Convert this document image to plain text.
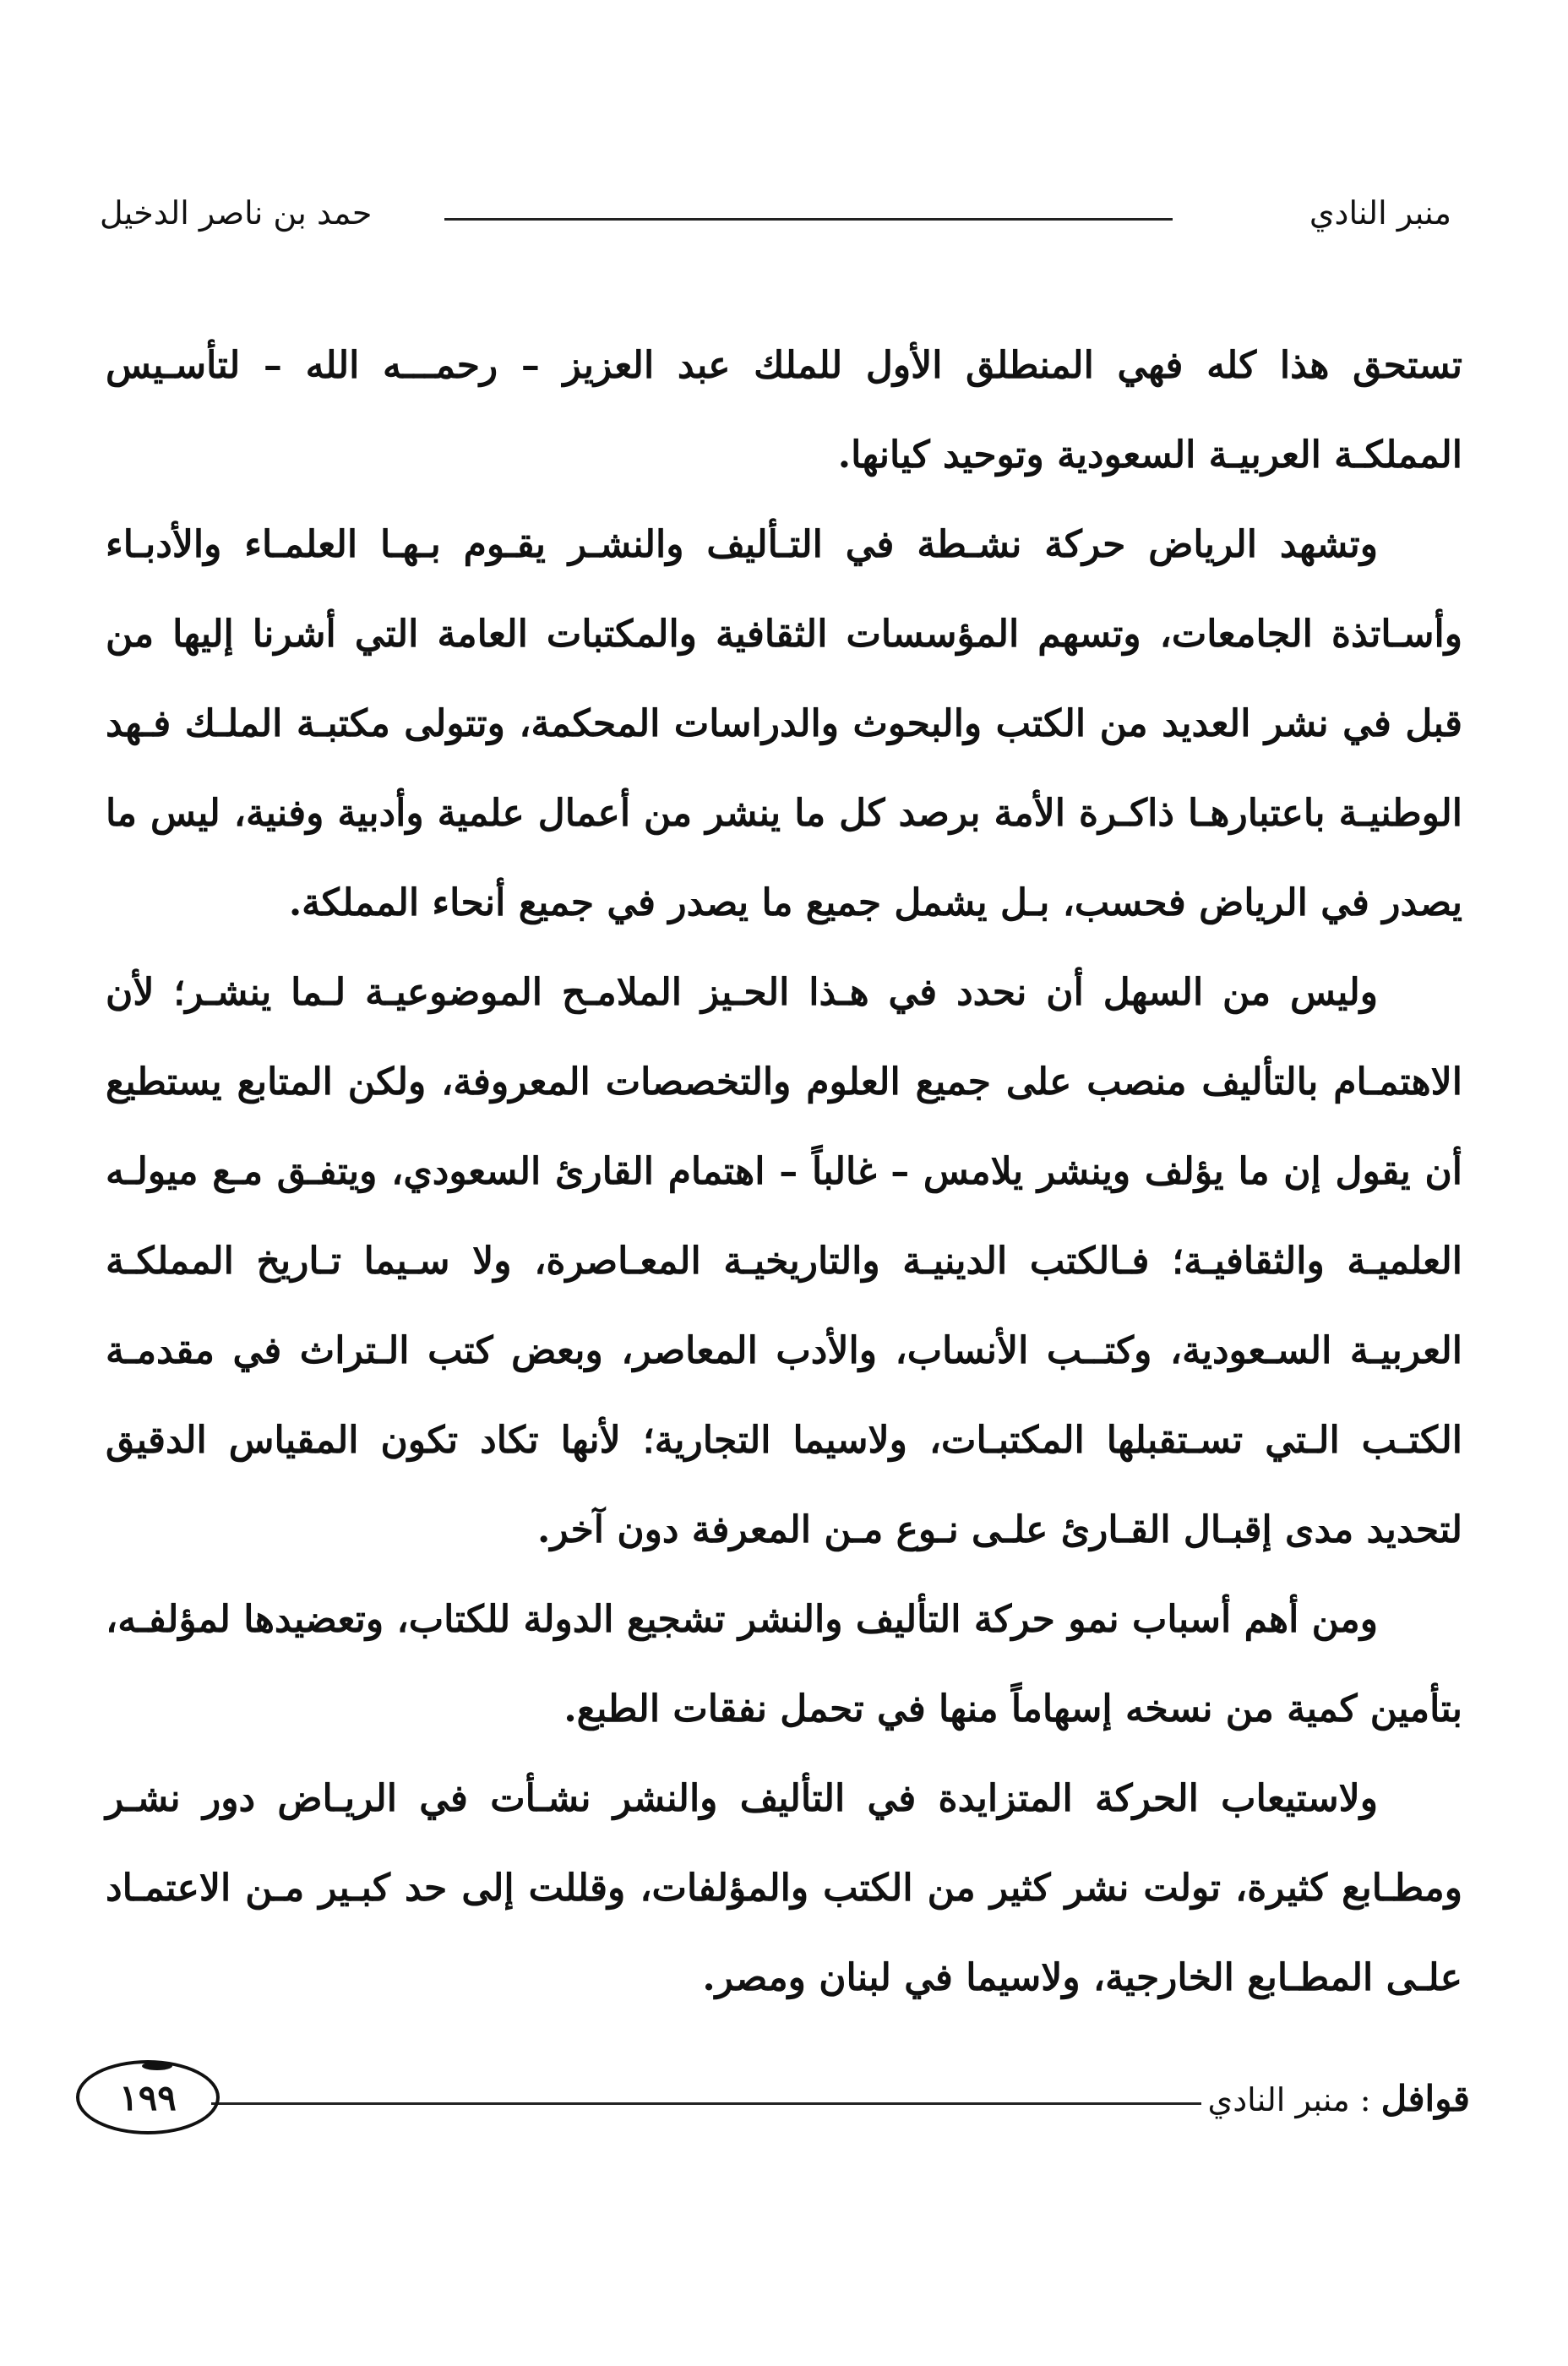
منبر النادي
حمد بن ناصر الدخيل

تستحق هذا كله فهي المنطلق الأول للملك عبد العزيز – رحمـــه الله – لتأسـيس المملكـة العربيـة السعودية وتوحيد كيانها.

وتشهد الرياض حركة نشـطة في التـأليف والنشـر يقـوم بـهـا العلمـاء والأدبـاء وأسـاتذة الجامعات، وتسهم المؤسسات الثقافية والمكتبات العامة التي أشرنا إليها من قبل في نشر العديد من الكتب والبحوث والدراسات المحكمة، وتتولى مكتبـة الملـك فـهد الوطنيـة باعتبارهـا ذاكـرة الأمة برصد كل ما ينشر من أعمال علمية وأدبية وفنية، ليس ما يصدر في الرياض فحسب، بـل يشمل جميع ما يصدر في جميع أنحاء المملكة.

وليس من السهل أن نحدد في هـذا الحـيز الملامـح الموضوعيـة لـما ينشـر؛ لأن الاهتمـام بالتأليف منصب على جميع العلوم والتخصصات المعروفة، ولكن المتابع يستطيع أن يقول إن ما يؤلف وينشر يلامس – غالباً – اهتمام القارئ السعودي، ويتفـق مـع ميولـه العلميـة والثقافيـة؛ فـالكتب الدينيـة والتاريخيـة المعـاصرة، ولا سـيما تـاريخ المملكـة العربيـة السـعودية، وكتــب الأنساب، والأدب المعاصر، وبعض كتب الـتراث في مقدمـة الكتـب الـتي تسـتقبلها المكتبـات، ولاسيما التجارية؛ لأنها تكاد تكون المقياس الدقيق لتحديد مدى إقبـال القـارئ علـى نـوع مـن المعرفة دون آخر.

ومن أهم أسباب نمو حركة التأليف والنشر تشجيع الدولة للكتاب، وتعضيدها لمؤلفـه، بتأمين كمية من نسخه إسهاماً منها في تحمل نفقات الطبع.

ولاستيعاب الحركة المتزايدة في التأليف والنشر نشـأت في الريـاض دور نشـر ومطـابع كثيرة، تولت نشر كثير من الكتب والمؤلفات، وقللت إلى حد كبـير مـن الاعتمـاد علـى المطـابع الخارجية، ولاسيما في لبنان ومصر.

قوافل : منبر النادي
١٩٩
